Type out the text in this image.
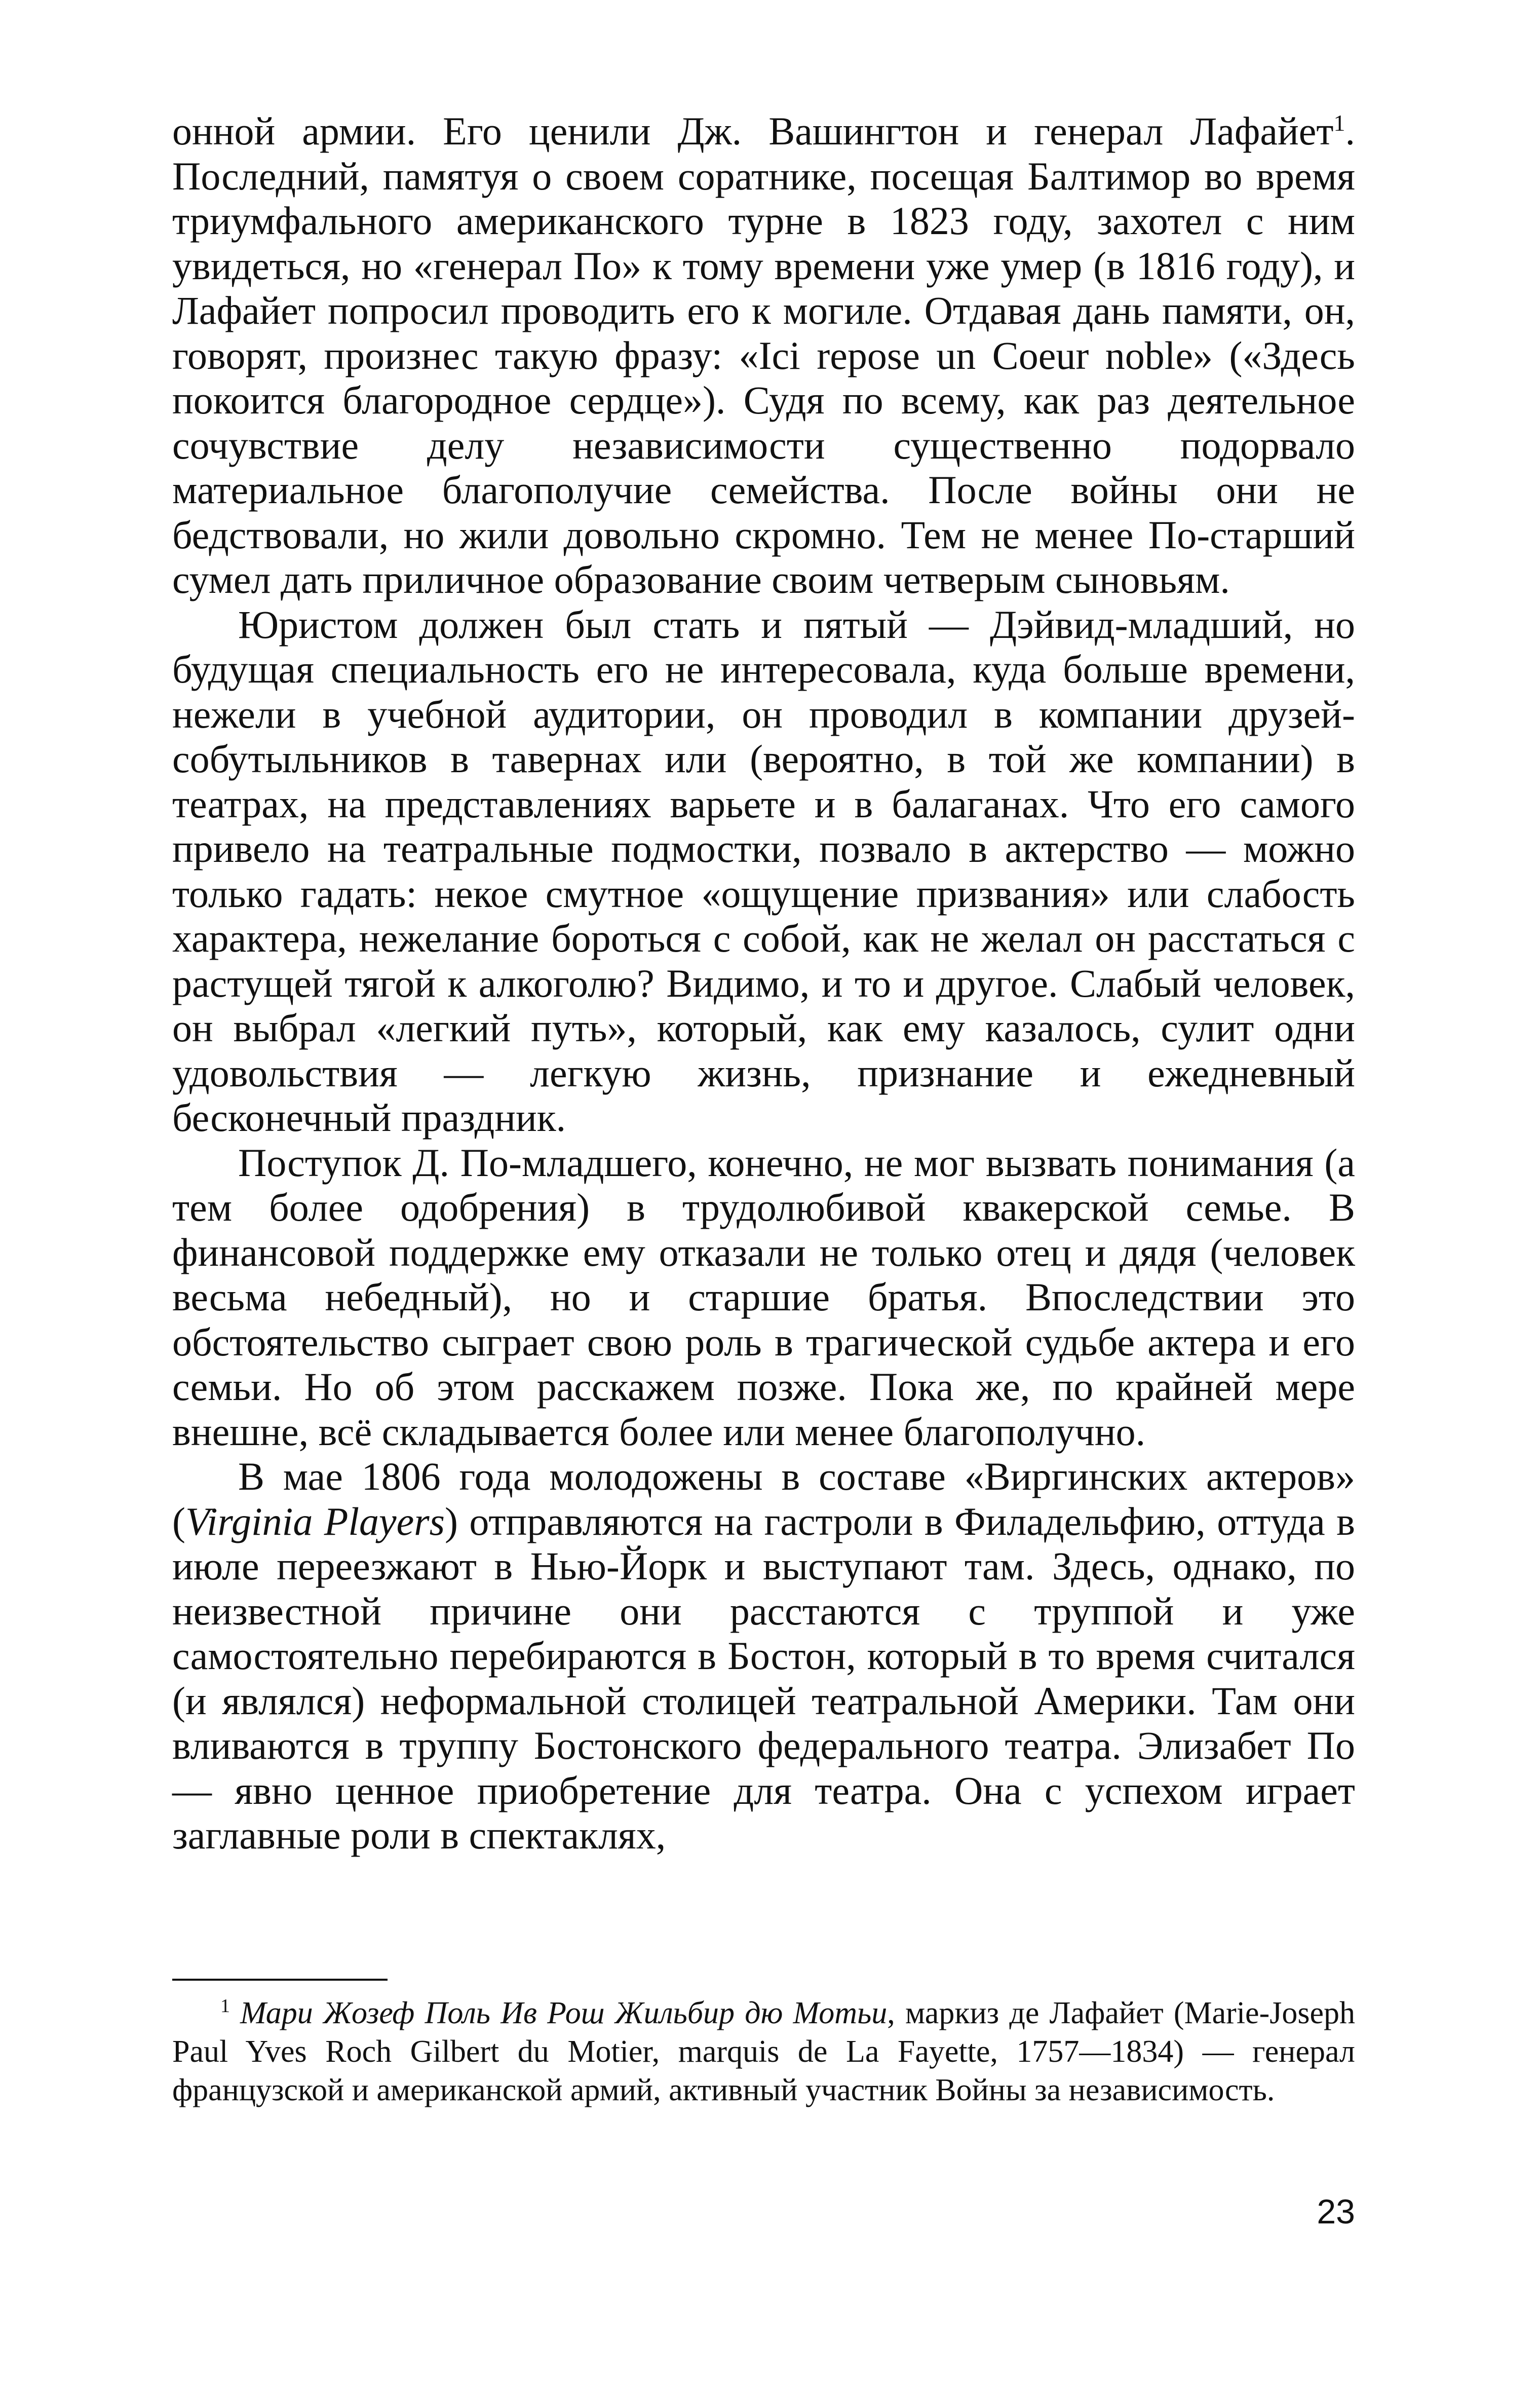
онной армии. Его ценили Дж. Вашингтон и генерал Лафайет$^1$. Последний, памятуя о своем соратнике, посещая Балтимор во время триумфального американского турне в 1823 году, захотел с ним увидеться, но «генерал По» к тому времени уже умер (в 1816 году), и Лафайет попросил проводить его к могиле. Отдавая дань памяти, он, говорят, произнес такую фразу: «Ici repose un Coeur noble» («Здесь покоится благородное сердце»). Судя по всему, как раз деятельное сочувствие делу независимости существенно подорвало материальное благополучие семейства. После войны они не бедствовали, но жили довольно скромно. Тем не менее По-старший сумел дать приличное образование своим четверым сыновьям.

Юристом должен был стать и пятый — Дэйвид-младший, но будущая специальность его не интересовала, куда больше времени, нежели в учебной аудитории, он проводил в компании друзей-собутыльников в тавернах или (вероятно, в той же компании) в театрах, на представлениях варьете и в балаганах. Что его самого привело на театральные подмостки, позвало в актерство — можно только гадать: некое смутное «ощущение призвания» или слабость характера, нежелание бороться с собой, как не желал он расстаться с растущей тягой к алкоголю? Видимо, и то и другое. Слабый человек, он выбрал «легкий путь», который, как ему казалось, сулит одни удовольствия — легкую жизнь, признание и ежедневный бесконечный праздник.

Поступок Д. По-младшего, конечно, не мог вызвать понимания (а тем более одобрения) в трудолюбивой квакерской семье. В финансовой поддержке ему отказали не только отец и дядя (человек весьма небедный), но и старшие братья. Впоследствии это обстоятельство сыграет свою роль в трагической судьбе актера и его семьи. Но об этом расскажем позже. Пока же, по крайней мере внешне, всё складывается более или менее благополучно.

В мае 1806 года молодожены в составе «Виргинских актеров» (Virginia Players) отправляются на гастроли в Филадельфию, оттуда в июле переезжают в Нью-Йорк и выступают там. Здесь, однако, по неизвестной причине они расстаются с труппой и уже самостоятельно перебираются в Бостон, который в то время считался (и являлся) неформальной столицей театральной Америки. Там они вливаются в труппу Бостонского федерального театра. Элизабет По — явно ценное приобретение для театра. Она с успехом играет заглавные роли в спектаклях,

$^1$ Мари Жозеф Поль Ив Рош Жильбир дю Мотьи, маркиз де Лафайет (Marie-Joseph Paul Yves Roch Gilbert du Motier, marquis de La Fayette, 1757—1834) — генерал французской и американской армий, активный участник Войны за независимость.

23
